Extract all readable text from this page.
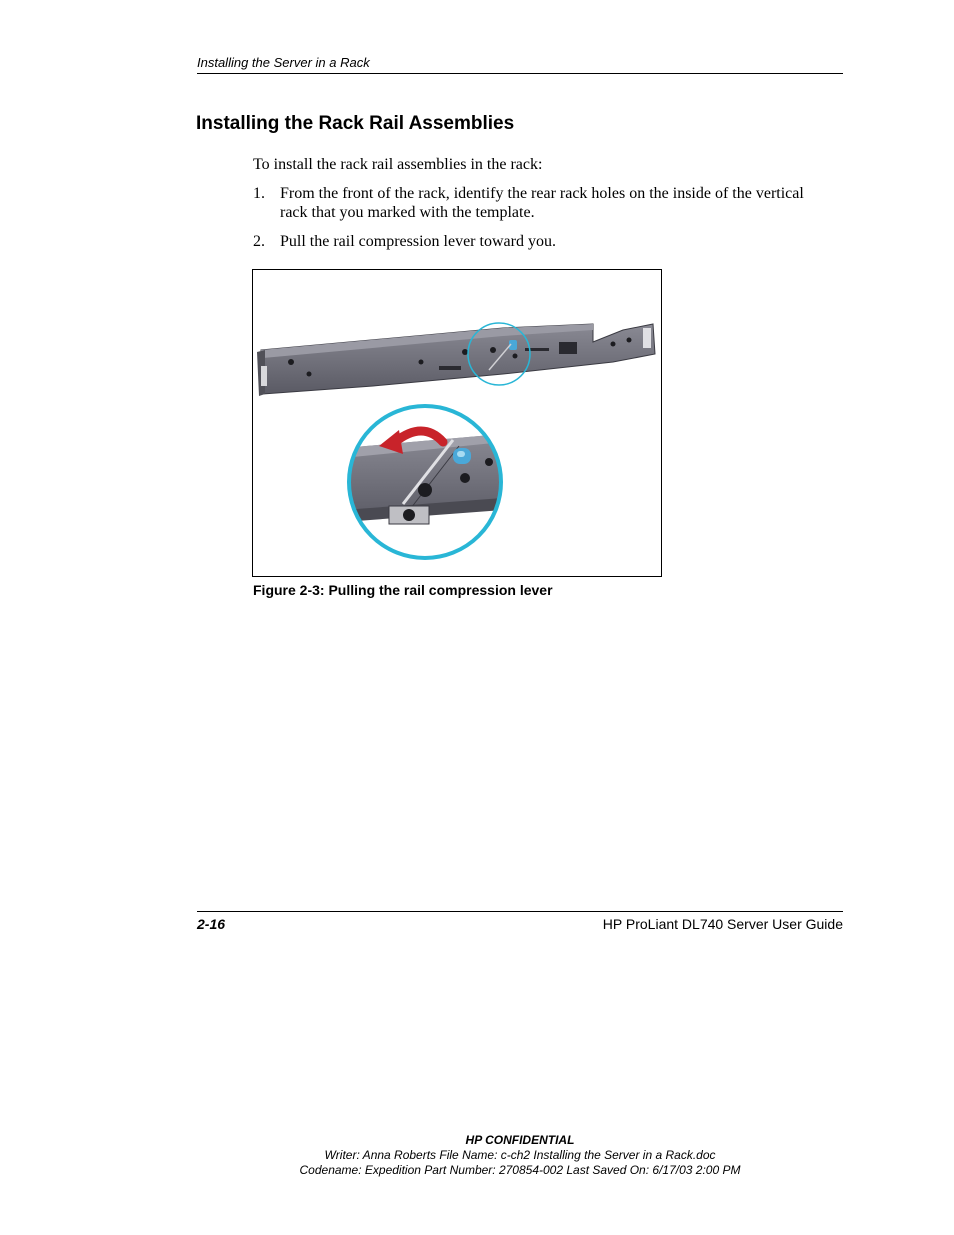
Installing the Server in a Rack
Installing the Rack Rail Assemblies
To install the rack rail assemblies in the rack:
1. From the front of the rack, identify the rear rack holes on the inside of the vertical rack that you marked with the template.
2. Pull the rail compression lever toward you.
Figure 2-3: Pulling the rail compression lever
2-16	HP ProLiant DL740 Server User Guide
HP CONFIDENTIAL
Writer: Anna Roberts File Name: c-ch2 Installing the Server in a Rack.doc
Codename: Expedition Part Number: 270854-002 Last Saved On: 6/17/03 2:00 PM
